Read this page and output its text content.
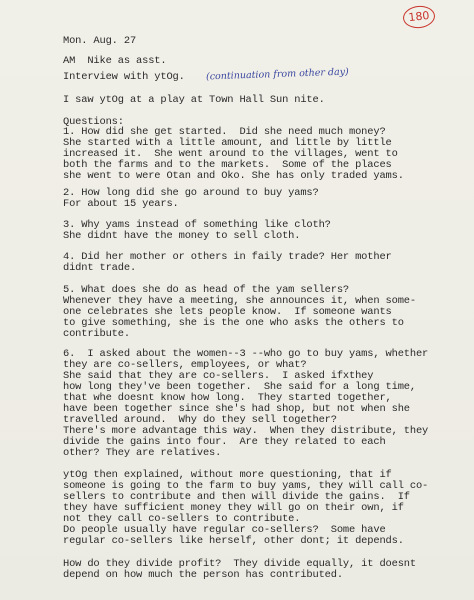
180
(continuation from other day)
Mon. Aug. 27
AM  Nike as asst.
Interview with ytOg.
I saw ytOg at a play at Town Hall Sun nite.
Questions:
1. How did she get started.  Did she need much money?
She started with a little amount, and little by little
increased it.  She went around to the villages, went to
both the farms and to the markets.  Some of the places
she went to were Otan and Oko. She has only traded yams.
2. How long did she go around to buy yams?
For about 15 years.
3. Why yams instead of something like cloth?
She didnt have the money to sell cloth.
4. Did her mother or others in faily trade? Her mother
didnt trade.
5. What does she do as head of the yam sellers?
Whenever they have a meeting, she announces it, when some-
one celebrates she lets people know.  If someone wants
to give something, she is the one who asks the others to
contribute.
6.  I asked about the women--3 --who go to buy yams, whether
they are co-sellers, employees, or what?
She said that they are co-sellers.  I asked ifxthey
how long they've been together.  She said for a long time,
that whe doesnt know how long.  They started together,
have been together since she's had shop, but not when she
travelled around.  Why do they sell together?
There's more advantage this way.  When they distribute, they
divide the gains into four.  Are they related to each
other? They are relatives.
ytOg then explained, without more questioning, that if
someone is going to the farm to buy yams, they will call co-
sellers to contribute and then will divide the gains.  If
they have sufficient money they will go on their own, if
not they call co-sellers to contribute.
Do people usually have regular co-sellers?  Some have
regular co-sellers like herself, other dont; it depends.
How do they divide profit?  They divide equally, it doesnt
depend on how much the person has contributed.
